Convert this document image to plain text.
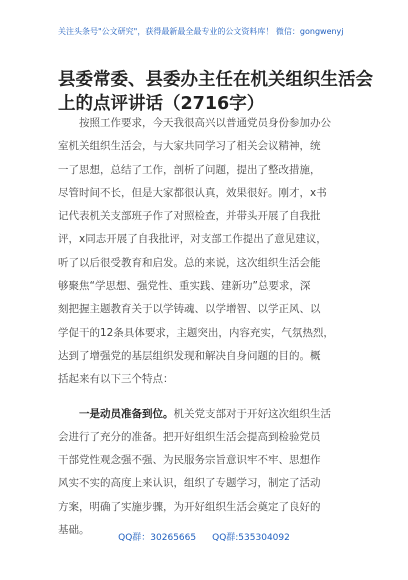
关注头条号"公文研究"，获得最新最全最专业的公文资料库！ 微信：gongwenyj
县委常委、县委办主任在机关组织生活会
上的点评讲话（2716字）
按照工作要求，今天我很高兴以普通党员身份参加办公
室机关组织生活会，与大家共同学习了相关会议精神，统
一了思想，总结了工作，剖析了问题，提出了整改措施，
尽管时间不长，但是大家都很认真，效果很好。刚才，x书
记代表机关支部班子作了对照检查，并带头开展了自我批
评，x同志开展了自我批评，对支部工作提出了意见建议，
听了以后很受教育和启发。总的来说，这次组织生活会能
够聚焦“学思想、强党性、重实践、建新功”总要求，深
刻把握主题教育关于以学铸魂、以学增智、以学正风、以
学促干的12条具体要求，主题突出，内容充实，气氛热烈，
达到了增强党的基层组织发现和解决自身问题的目的。概
括起来有以下三个特点：
一是动员准备到位。机关党支部对于开好这次组织生活
会进行了充分的准备。把开好组织生活会提高到检验党员
干部党性观念强不强、为民服务宗旨意识牢不牢、思想作
风实不实的高度上来认识，组织了专题学习，制定了活动
方案，明确了实施步骤，为开好组织生活会奠定了良好的
基础。
QQ群：30265665 QQ群:535304092
